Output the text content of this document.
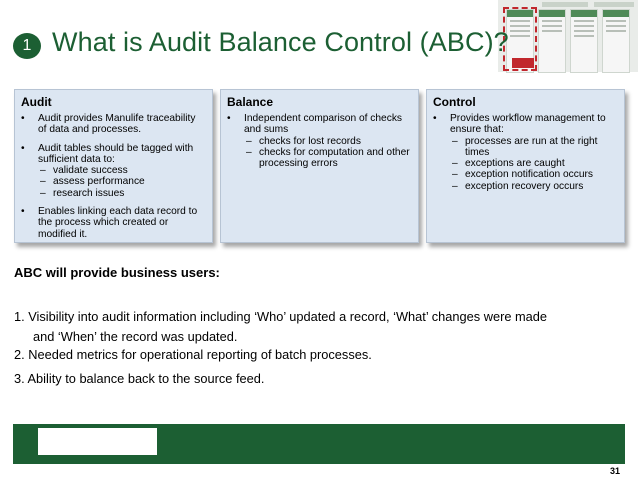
1 What is Audit Balance Control (ABC)?
Audit
• Audit provides Manulife traceability of data and processes.
• Audit tables should be tagged with sufficient data to:
– validate success
– assess performance
– research issues
• Enables linking each data record to the process which created or modified it.
Balance
• Independent comparison of checks and sums
– checks for lost records
– checks for computation and other processing errors
Control
• Provides workflow management to ensure that:
– processes are run at the right times
– exceptions are caught
– exception notification occurs
– exception recovery occurs
ABC will provide business users:
1. Visibility into audit information including ‘Who’ updated a record, ‘What’ changes were made
and ‘When’ the record was updated.
2. Needed metrics for operational reporting of batch processes.
3. Ability to balance back to the source feed.
31
